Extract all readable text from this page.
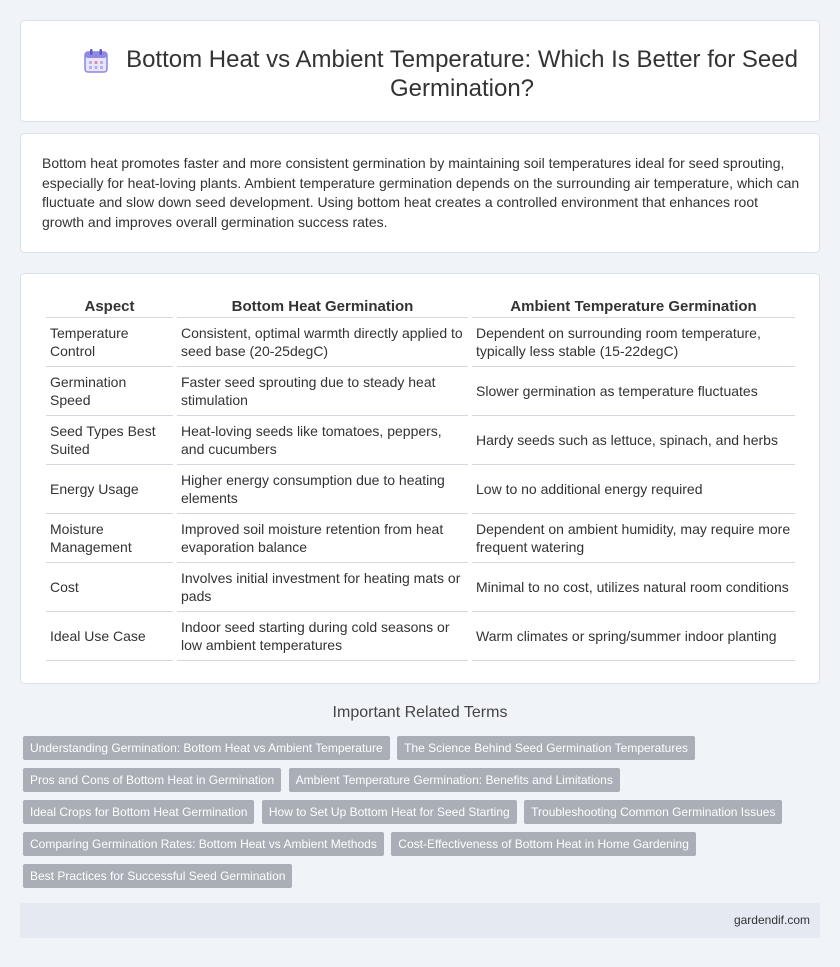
Bottom Heat vs Ambient Temperature: Which Is Better for Seed Germination?

Bottom heat promotes faster and more consistent germination by maintaining soil temperatures ideal for seed sprouting, especially for heat-loving plants. Ambient temperature germination depends on the surrounding air temperature, which can fluctuate and slow down seed development. Using bottom heat creates a controlled environment that enhances root growth and improves overall germination success rates.

Aspect	Bottom Heat Germination	Ambient Temperature Germination
Temperature Control	Consistent, optimal warmth directly applied to seed base (20-25degC)	Dependent on surrounding room temperature, typically less stable (15-22degC)
Germination Speed	Faster seed sprouting due to steady heat stimulation	Slower germination as temperature fluctuates
Seed Types Best Suited	Heat-loving seeds like tomatoes, peppers, and cucumbers	Hardy seeds such as lettuce, spinach, and herbs
Energy Usage	Higher energy consumption due to heating elements	Low to no additional energy required
Moisture Management	Improved soil moisture retention from heat evaporation balance	Dependent on ambient humidity, may require more frequent watering
Cost	Involves initial investment for heating mats or pads	Minimal to no cost, utilizes natural room conditions
Ideal Use Case	Indoor seed starting during cold seasons or low ambient temperatures	Warm climates or spring/summer indoor planting
Important Related Terms
Understanding Germination: Bottom Heat vs Ambient Temperature The Science Behind Seed Germination Temperatures Pros and Cons of Bottom Heat in Germination Ambient Temperature Germination: Benefits and Limitations Ideal Crops for Bottom Heat Germination How to Set Up Bottom Heat for Seed Starting Troubleshooting Common Germination Issues Comparing Germination Rates: Bottom Heat vs Ambient Methods Cost-Effectiveness of Bottom Heat in Home Gardening Best Practices for Successful Seed Germination
gardendif.com
